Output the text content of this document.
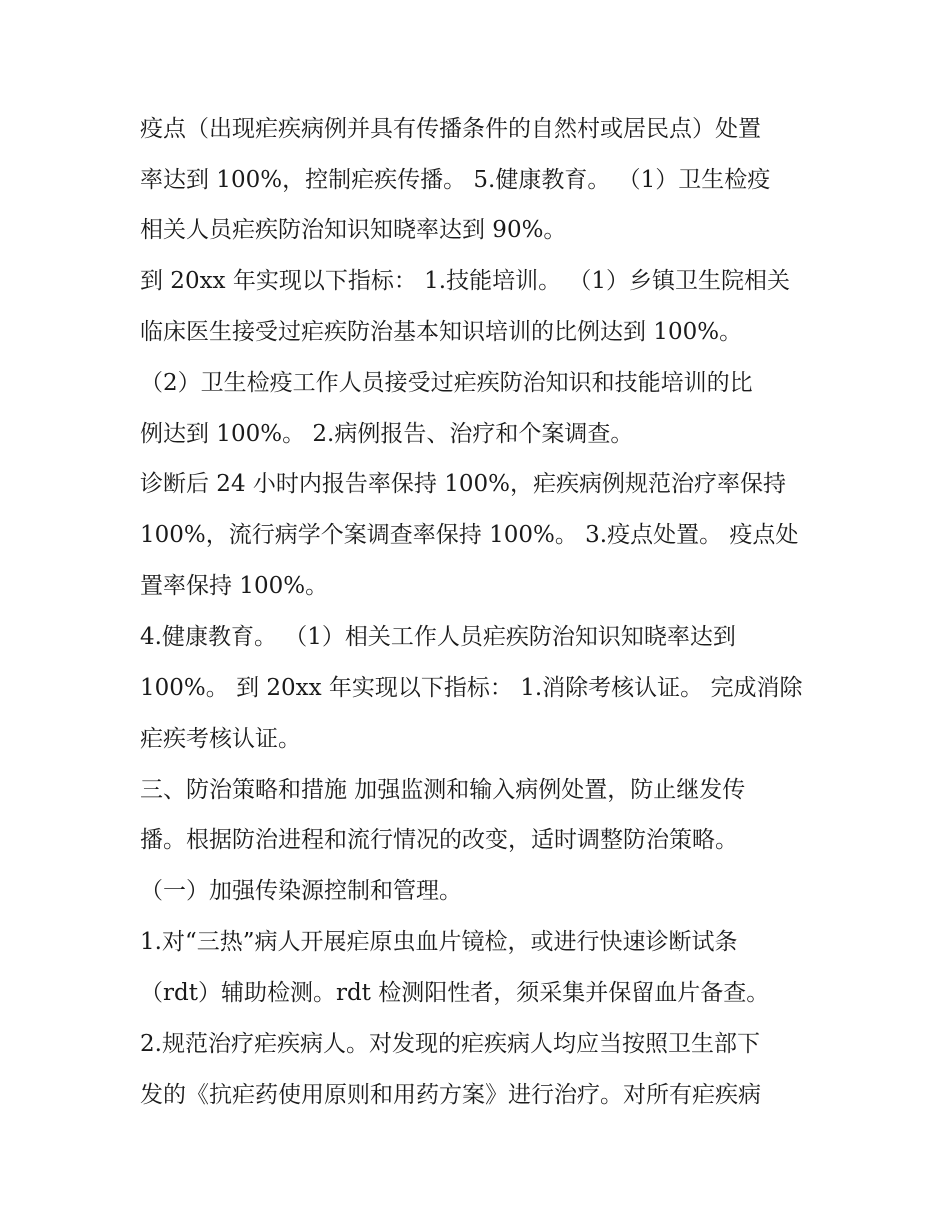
疫点（出现疟疾病例并具有传播条件的自然村或居民点）处置
率达到 100%，控制疟疾传播。 5.健康教育。 （1）卫生检疫
相关人员疟疾防治知识知晓率达到 90%。
到 20xx 年实现以下指标： 1.技能培训。 （1）乡镇卫生院相关
临床医生接受过疟疾防治基本知识培训的比例达到 100%。
（2）卫生检疫工作人员接受过疟疾防治知识和技能培训的比
例达到 100%。 2.病例报告、治疗和个案调查。
诊断后 24 小时内报告率保持 100%，疟疾病例规范治疗率保持
100%，流行病学个案调查率保持 100%。 3.疫点处置。 疫点处
置率保持 100%。
4.健康教育。 （1）相关工作人员疟疾防治知识知晓率达到
100%。 到 20xx 年实现以下指标： 1.消除考核认证。 完成消除
疟疾考核认证。
三、防治策略和措施 加强监测和输入病例处置，防止继发传
播。根据防治进程和流行情况的改变，适时调整防治策略。
（一）加强传染源控制和管理。
1.对“三热”病人开展疟原虫血片镜检，或进行快速诊断试条
（rdt）辅助检测。rdt 检测阳性者，须采集并保留血片备查。
2.规范治疗疟疾病人。对发现的疟疾病人均应当按照卫生部下
发的《抗疟药使用原则和用药方案》进行治疗。对所有疟疾病
